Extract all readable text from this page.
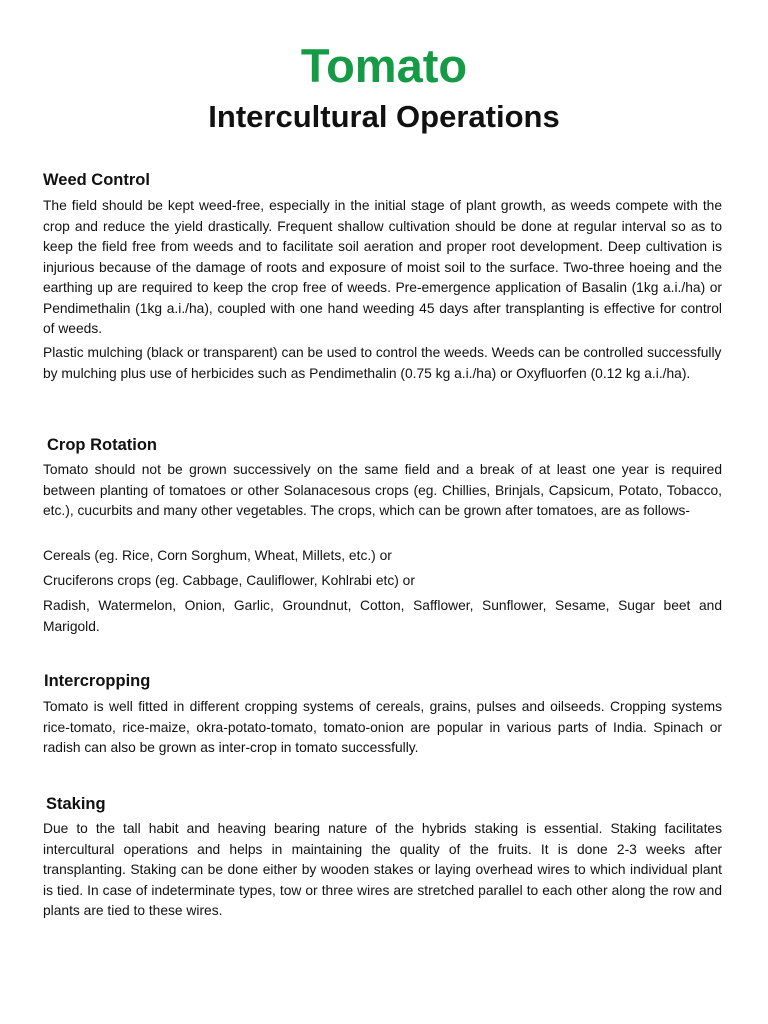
Tomato
Intercultural Operations
Weed Control

The field should be kept weed-free, especially in the initial stage of plant growth, as weeds compete with the crop and reduce the yield drastically. Frequent shallow cultivation should be done at regular interval so as to keep the field free from weeds and to facilitate soil aeration and proper root development. Deep cultivation is injurious because of the damage of roots and exposure of moist soil to the surface. Two-three hoeing and the earthing up are required to keep the crop free of weeds. Pre-emergence application of Basalin (1kg a.i./ha) or Pendimethalin (1kg a.i./ha), coupled with one hand weeding 45 days after transplanting is effective for control of weeds.

Plastic mulching (black or transparent) can be used to control the weeds. Weeds can be controlled successfully by mulching plus use of herbicides such as Pendimethalin (0.75 kg a.i./ha) or Oxyfluorfen (0.12 kg a.i./ha).

Crop Rotation

Tomato should not be grown successively on the same field and a break of at least one year is required between planting of tomatoes or other Solanacesous crops (eg. Chillies, Brinjals, Capsicum, Potato, Tobacco, etc.), cucurbits and many other vegetables. The crops, which can be grown after tomatoes, are as follows-

Cereals (eg. Rice, Corn Sorghum, Wheat, Millets, etc.) or

Cruciferons crops (eg. Cabbage, Cauliflower, Kohlrabi etc) or

Radish, Watermelon, Onion, Garlic, Groundnut, Cotton, Safflower, Sunflower, Sesame, Sugar beet and Marigold.

Intercropping

Tomato is well fitted in different cropping systems of cereals, grains, pulses and oilseeds. Cropping systems rice-tomato, rice-maize, okra-potato-tomato, tomato-onion are popular in various parts of India. Spinach or radish can also be grown as inter-crop in tomato successfully.

Staking

Due to the tall habit and heaving bearing nature of the hybrids staking is essential. Staking facilitates intercultural operations and helps in maintaining the quality of the fruits. It is done 2-3 weeks after transplanting. Staking can be done either by wooden stakes or laying overhead wires to which individual plant is tied. In case of indeterminate types, tow or three wires are stretched parallel to each other along the row and plants are tied to these wires.
